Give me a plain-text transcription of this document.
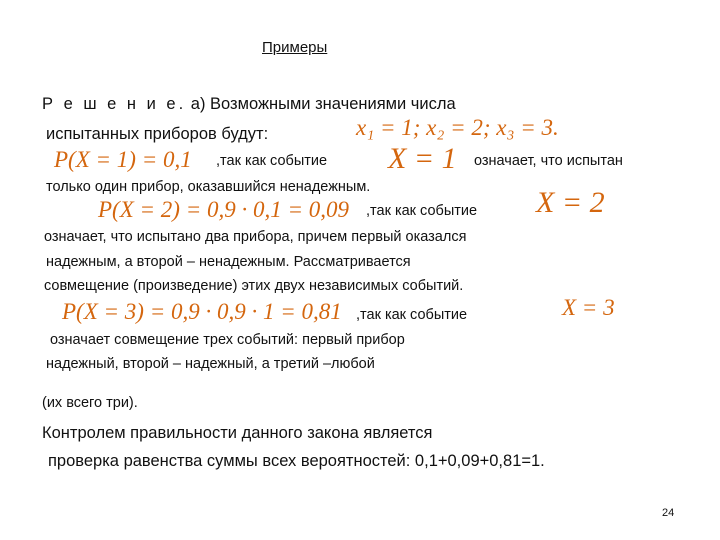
Примеры
Р е ш е н и е. а) Возможными значениями числа
испытанных приборов будут:	x₁ = 1; x₂ = 2; x₃ = 3.
P(X = 1) = 0,1 ,так как событие X = 1 означает, что испытан
только один прибор, оказавшийся ненадежным.
P(X = 2) = 0,9 · 0,1 = 0,09 ,так как событие X = 2
означает, что испытано два прибора, причем первый оказался
надежным, а второй – ненадежным. Рассматривается
совмещение (произведение) этих двух независимых событий.
P(X = 3) = 0,9 · 0,9 · 1 = 0,81 ,так как событие	X = 3
означает совмещение трех событий: первый прибор
надежный, второй – надежный, а третий –любой
(их всего три).
Контролем правильности данного закона является
проверка равенства суммы всех вероятностей: 0,1+0,09+0,81=1.
24
